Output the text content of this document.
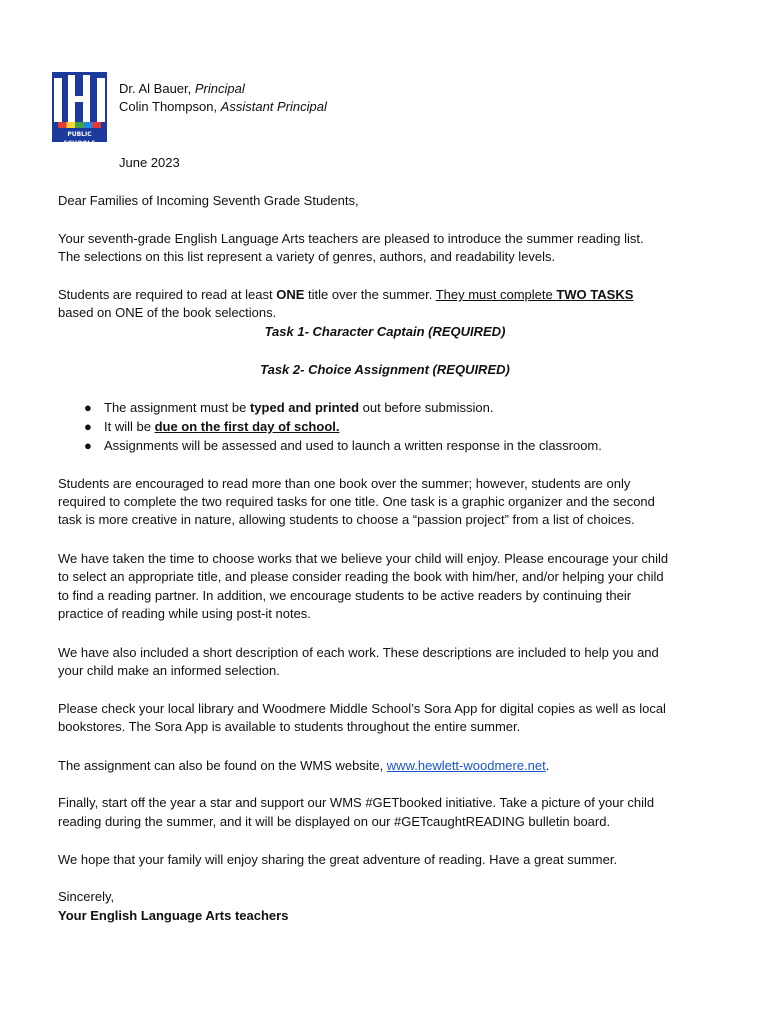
PUBLIC SCHOOLS
Dr. Al Bauer, Principal
Colin Thompson, Assistant Principal
June 2023
Dear Families of Incoming Seventh Grade Students,
Your seventh-grade English Language Arts teachers are pleased to introduce the summer reading list.
The selections on this list represent a variety of genres, authors, and readability levels.
Students are required to read at least ONE title over the summer. They must complete TWO TASKS
based on ONE of the book selections.
Task 1- Character Captain (REQUIRED)
Task 2- Choice Assignment (REQUIRED)
● The assignment must be typed and printed out before submission.
● It will be due on the first day of school.
● Assignments will be assessed and used to launch a written response in the classroom.
Students are encouraged to read more than one book over the summer; however, students are only
required to complete the two required tasks for one title. One task is a graphic organizer and the second
task is more creative in nature, allowing students to choose a “passion project” from a list of choices.
We have taken the time to choose works that we believe your child will enjoy. Please encourage your child
to select an appropriate title, and please consider reading the book with him/her, and/or helping your child
to find a reading partner. In addition, we encourage students to be active readers by continuing their
practice of reading while using post-it notes.
We have also included a short description of each work. These descriptions are included to help you and
your child make an informed selection.
Please check your local library and Woodmere Middle School’s Sora App for digital copies as well as local
bookstores. The Sora App is available to students throughout the entire summer.
The assignment can also be found on the WMS website, www.hewlett-woodmere.net.
Finally, start off the year a star and support our WMS #GETbooked initiative. Take a picture of your child
reading during the summer, and it will be displayed on our #GETcaughtREADING bulletin board.
We hope that your family will enjoy sharing the great adventure of reading. Have a great summer.
Sincerely,
Your English Language Arts teachers
